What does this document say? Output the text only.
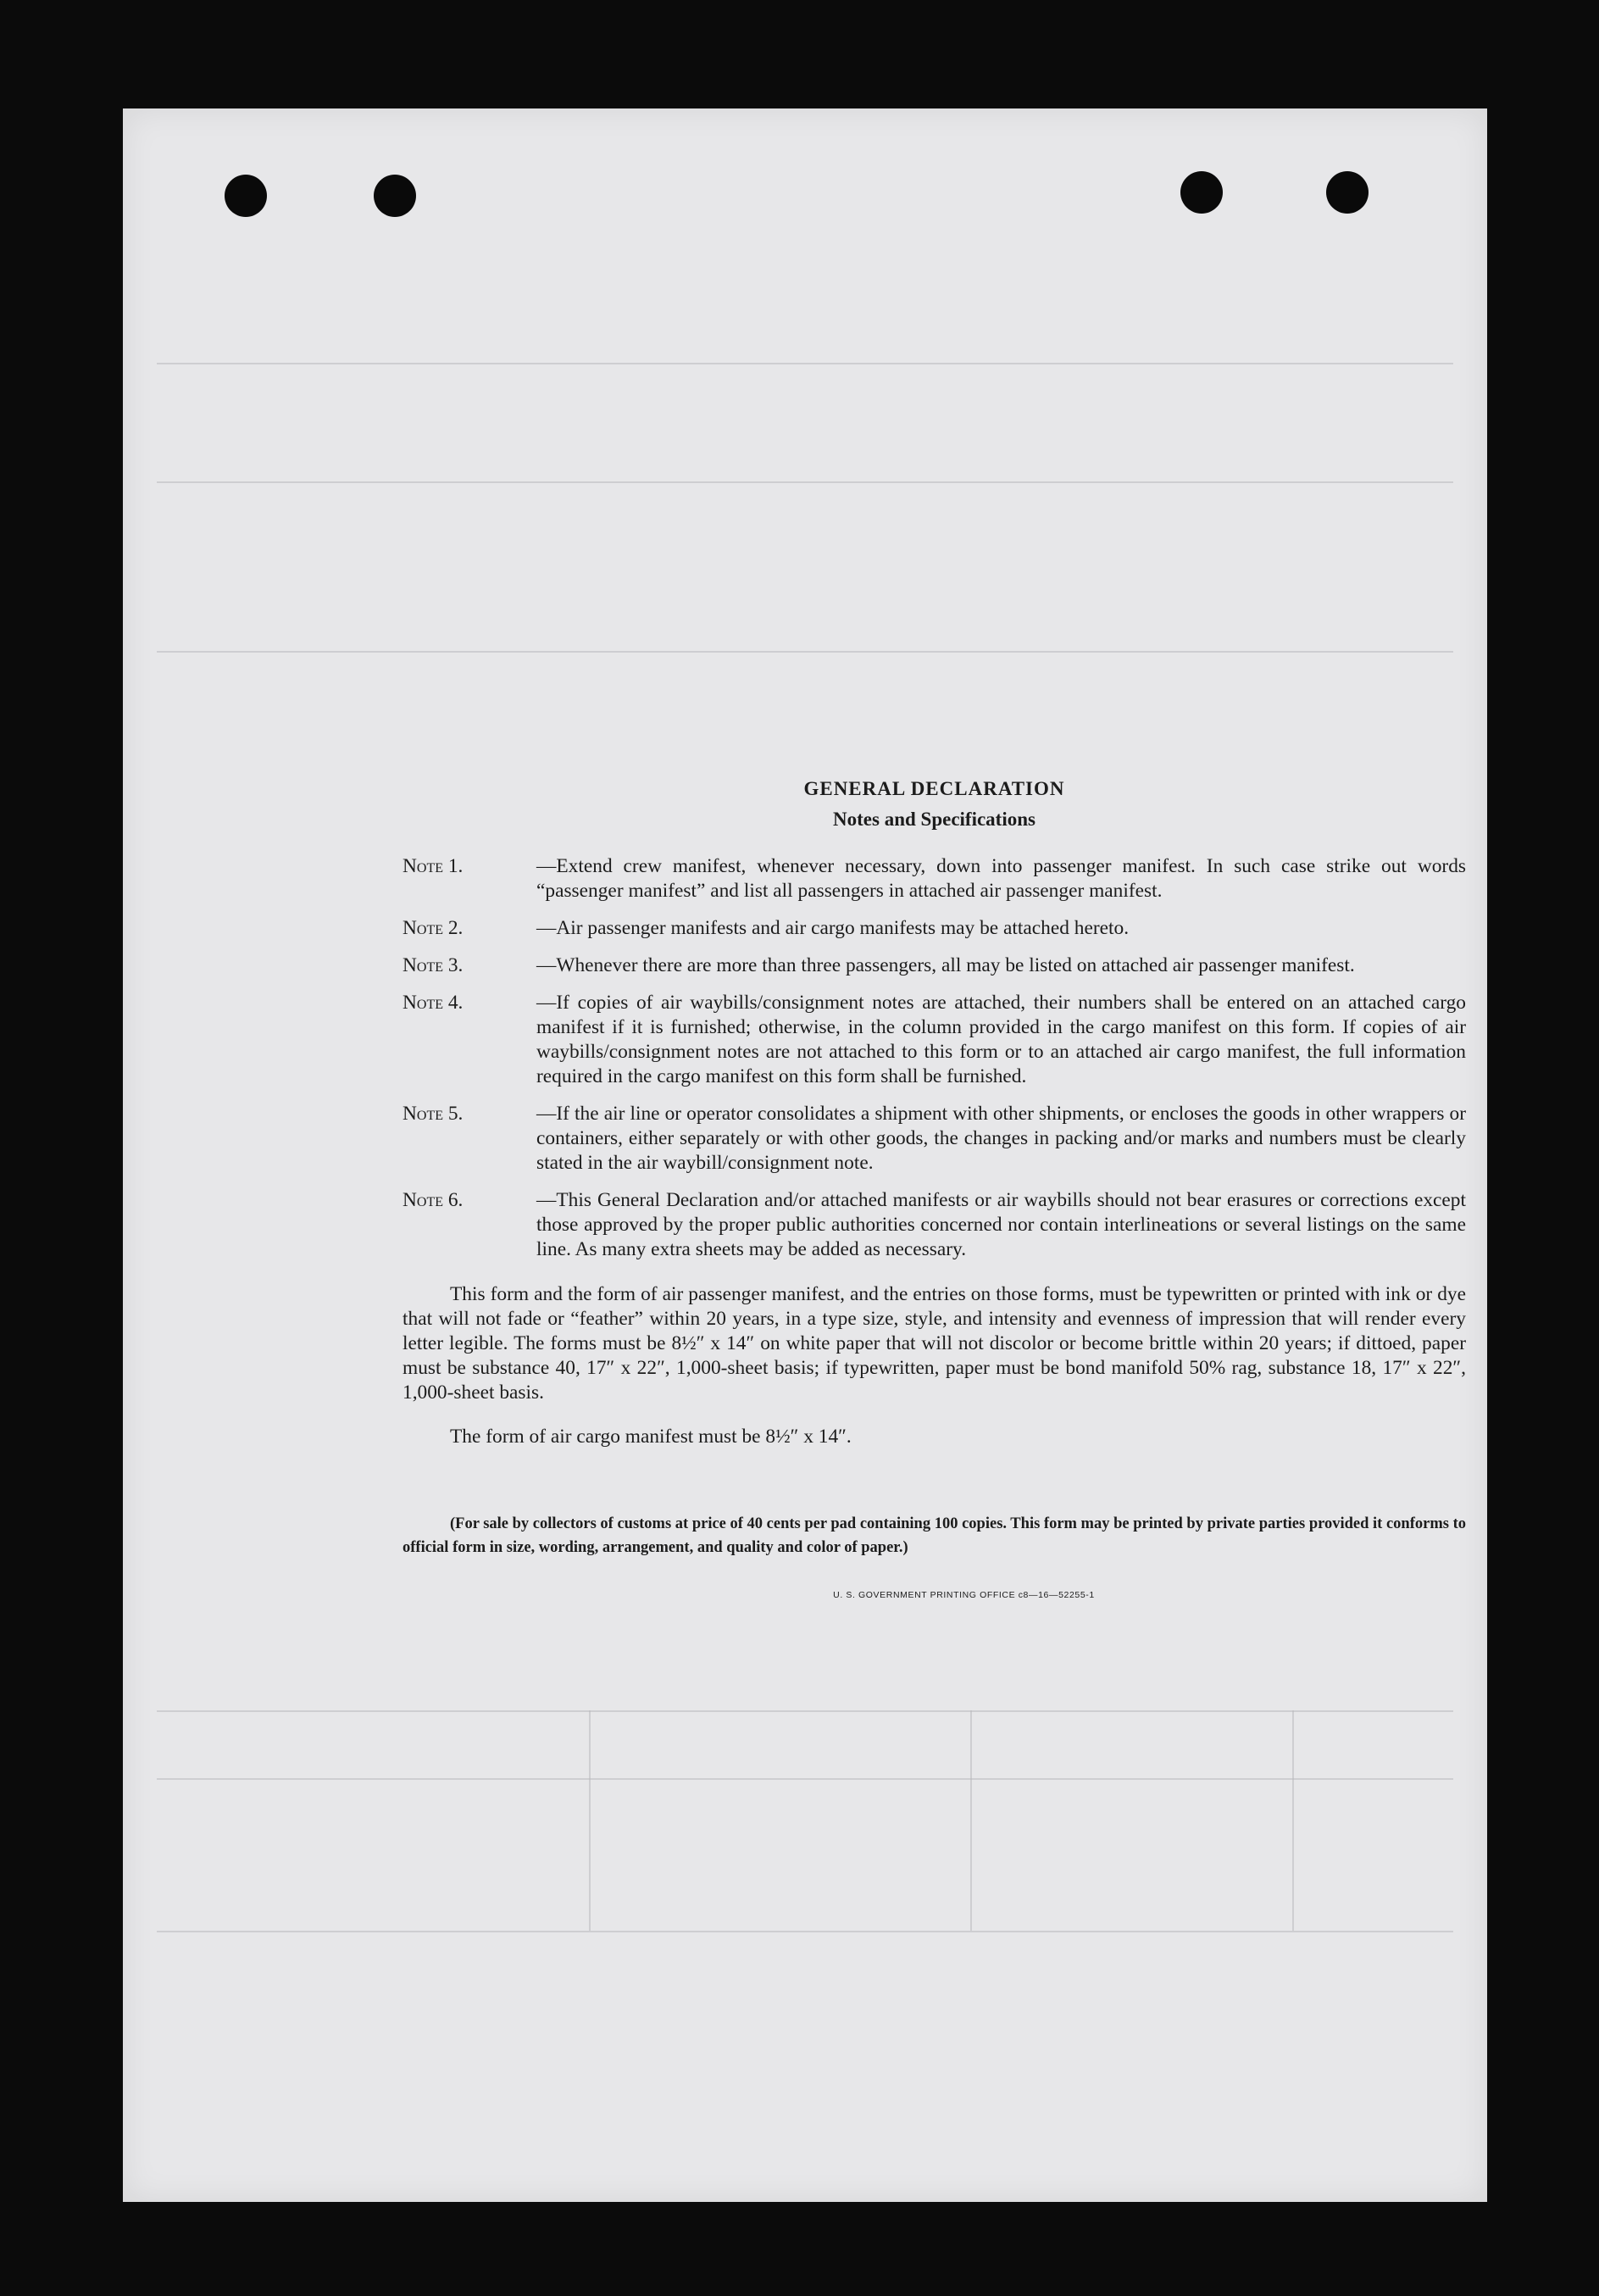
GENERAL DECLARATION
Notes and Specifications
Note 1.	—Extend crew manifest, whenever necessary, down into passenger manifest. In such case strike out words “passenger manifest” and list all passengers in attached air passenger manifest.
Note 2.	—Air passenger manifests and air cargo manifests may be attached hereto.
Note 3.	—Whenever there are more than three passengers, all may be listed on attached air passenger manifest.
Note 4.	—If copies of air waybills/consignment notes are attached, their numbers shall be entered on an attached cargo manifest if it is furnished; otherwise, in the column provided in the cargo manifest on this form. If copies of air waybills/consignment notes are not attached to this form or to an attached air cargo manifest, the full information required in the cargo manifest on this form shall be furnished.
Note 5.	—If the air line or operator consolidates a shipment with other shipments, or encloses the goods in other wrappers or containers, either separately or with other goods, the changes in packing and/or marks and numbers must be clearly stated in the air waybill/consignment note.
Note 6.	—This General Declaration and/or attached manifests or air waybills should not bear erasures or corrections except those approved by the proper public authorities concerned nor contain interlineations or several listings on the same line. As many extra sheets may be added as necessary.

This form and the form of air passenger manifest, and the entries on those forms, must be typewritten or printed with ink or dye that will not fade or “feather” within 20 years, in a type size, style, and intensity and evenness of impression that will render every letter legible. The forms must be 8½″ x 14″ on white paper that will not discolor or become brittle within 20 years; if dittoed, paper must be substance 40, 17″ x 22″, 1,000-sheet basis; if typewritten, paper must be bond manifold 50% rag, substance 18, 17″ x 22″, 1,000-sheet basis.

The form of air cargo manifest must be 8½″ x 14″.

(For sale by collectors of customs at price of 40 cents per pad containing 100 copies. This form may be printed by private parties provided it conforms to official form in size, wording, arrangement, and quality and color of paper.)
U. S. GOVERNMENT PRINTING OFFICE c8—16—52255-1
